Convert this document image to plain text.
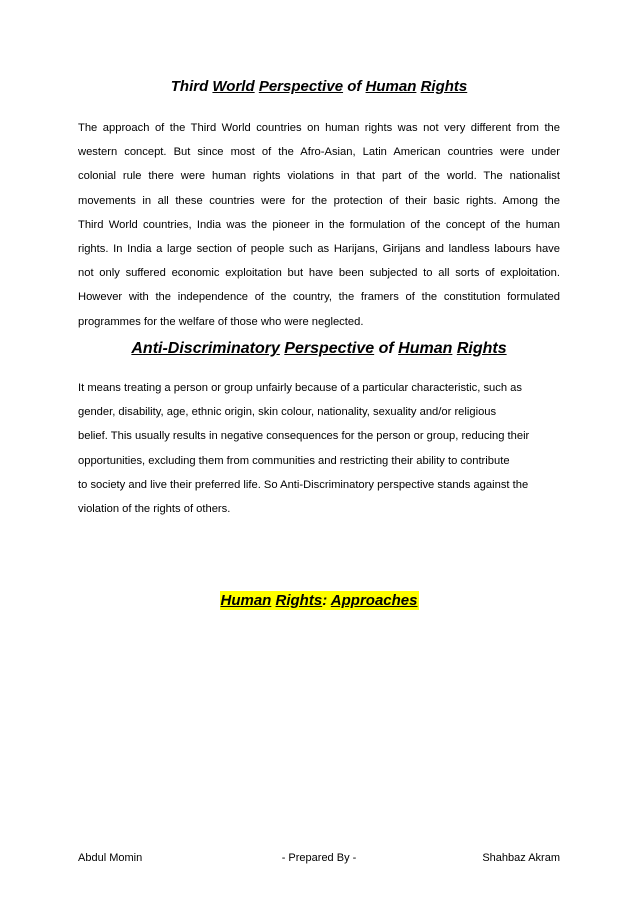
Third World Perspective of Human Rights
The approach of the Third World countries on human rights was not very different from the
western concept. But since most of the Afro-Asian, Latin American countries were under
colonial rule there were human rights violations in that part of the world. The nationalist
movements in all these countries were for the protection of their basic rights. Among the
Third World countries, India was the pioneer in the formulation of the concept of the human
rights. In India a large section of people such as Harijans, Girijans and landless labours have
not only suffered economic exploitation but have been subjected to all sorts of exploitation.
However with the independence of the country, the framers of the constitution formulated
programmes for the welfare of those who were neglected.
Anti-Discriminatory Perspective of Human Rights
It means treating a person or group unfairly because of a particular characteristic, such as
gender, disability, age, ethnic origin, skin colour, nationality, sexuality and/or religious
belief. This usually results in negative consequences for the person or group, reducing their
opportunities, excluding them from communities and restricting their ability to contribute
to society and live their preferred life. So Anti-Discriminatory perspective stands against the
violation of the rights of others.
Human Rights: Approaches
Abdul Momin	- Prepared By -	Shahbaz Akram
